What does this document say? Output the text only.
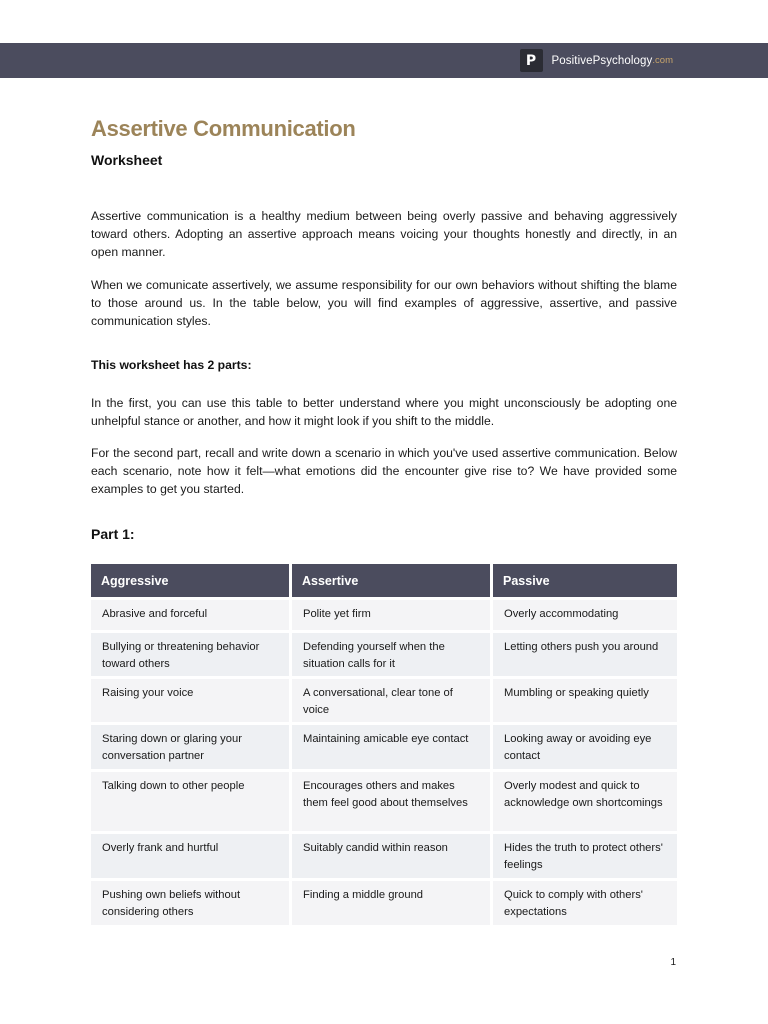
P	PositivePsychology .com
Assertive Communication
Worksheet

Assertive communication is a healthy medium between being overly passive and behaving aggressively toward others. Adopting an assertive approach means voicing your thoughts honestly and directly, in an open manner.

When we comunicate assertively, we assume responsibility for our own behaviors without shifting the blame to those around us. In the table below, you will find examples of aggressive, assertive, and passive communication styles.

This worksheet has 2 parts:

In the first, you can use this table to better understand where you might unconsciously be adopting one unhelpful stance or another, and how it might look if you shift to the middle.

For the second part, recall and write down a scenario in which you've used assertive communication. Below each scenario, note how it felt—what emotions did the encounter give rise to? We have provided some examples to get you started.

Part 1:
Aggressive	Assertive	Passive
Abrasive and forceful	Polite yet firm	Overly accommodating
Bullying or threatening behavior toward others	Defending yourself when the situation calls for it	Letting others push you around
Raising your voice	A conversational, clear tone of voice	Mumbling or speaking quietly
Staring down or glaring your conversation partner	Maintaining amicable eye contact	Looking away or avoiding eye contact
Talking down to other people	Encourages others and makes them feel good about themselves	Overly modest and quick to acknowledge own shortcomings
Overly frank and hurtful	Suitably candid within reason	Hides the truth to protect others' feelings
Pushing own beliefs without considering others	Finding a middle ground	Quick to comply with others' expectations
1
